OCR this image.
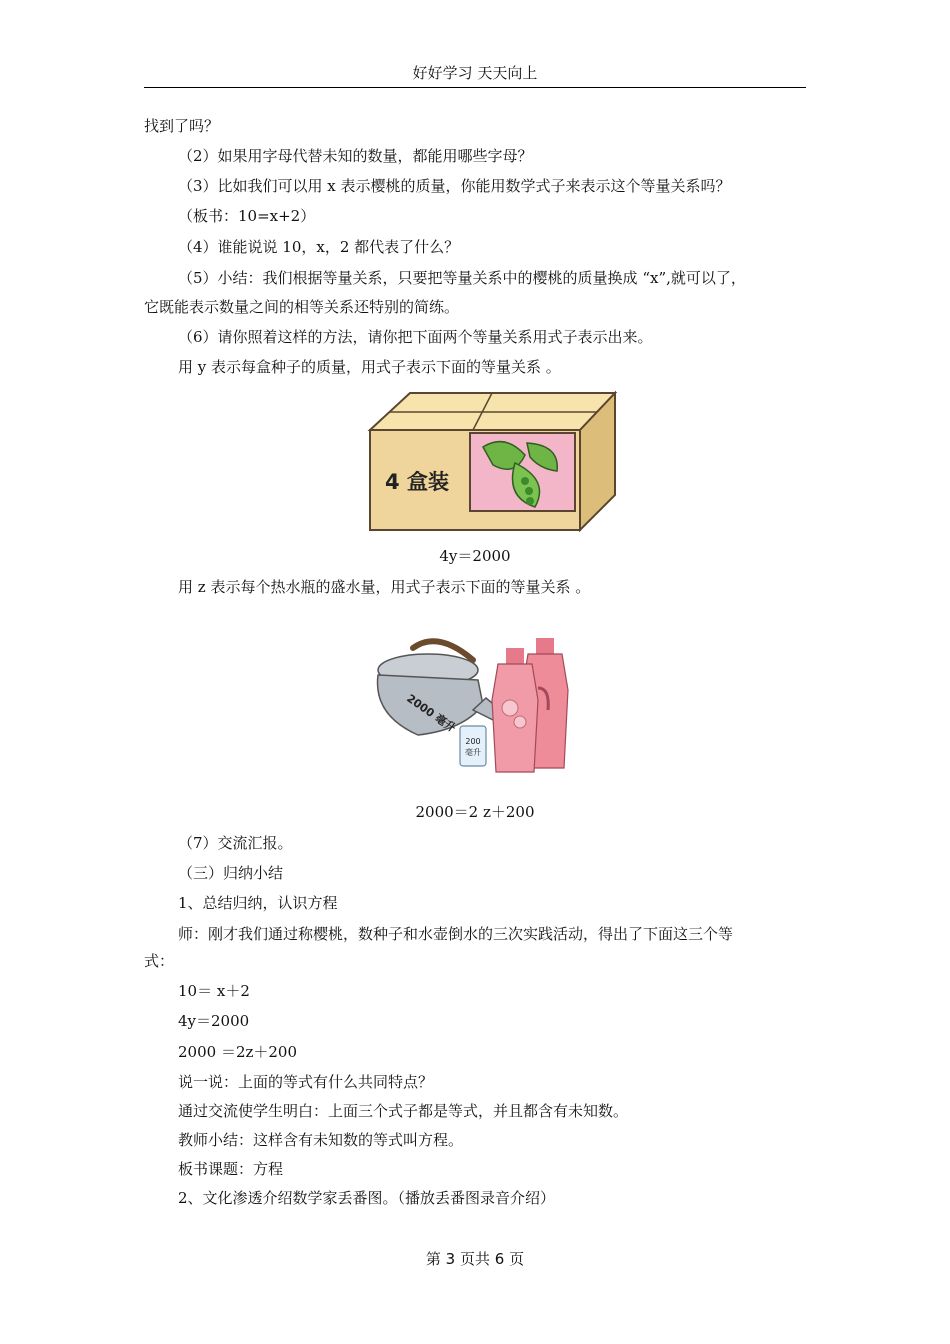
好好学习 天天向上
找到了吗？
（2）如果用字母代替未知的数量，都能用哪些字母？
（3）比如我们可以用 x 表示樱桃的质量，你能用数学式子来表示这个等量关系吗？
（板书：10=x+2）
（4）谁能说说 10，x，2 都代表了什么？
（5）小结：我们根据等量关系，只要把等量关系中的樱桃的质量换成 “x”,就可以了，
它既能表示数量之间的相等关系还特别的简练。
（6）请你照着这样的方法，请你把下面两个等量关系用式子表示出来。
用 y 表示每盒种子的质量，用式子表示下面的等量关系 。
4 盒装
4y＝2000
用 z 表示每个热水瓶的盛水量，用式子表示下面的等量关系 。
2000 毫升
200
毫升
2000＝2 z＋200
（7）交流汇报。
（三）归纳小结
1、总结归纳，认识方程
师：刚才我们通过称樱桃，数种子和水壶倒水的三次实践活动，得出了下面这三个等
式：
10＝ x＋2
4y＝2000
2000 ＝2z＋200
说一说：上面的等式有什么共同特点？
通过交流使学生明白：上面三个式子都是等式，并且都含有未知数。
教师小结：这样含有未知数的等式叫方程。
板书课题：方程
2、文化渗透介绍数学家丢番图。（播放丢番图录音介绍）
第 3 页共 6 页
